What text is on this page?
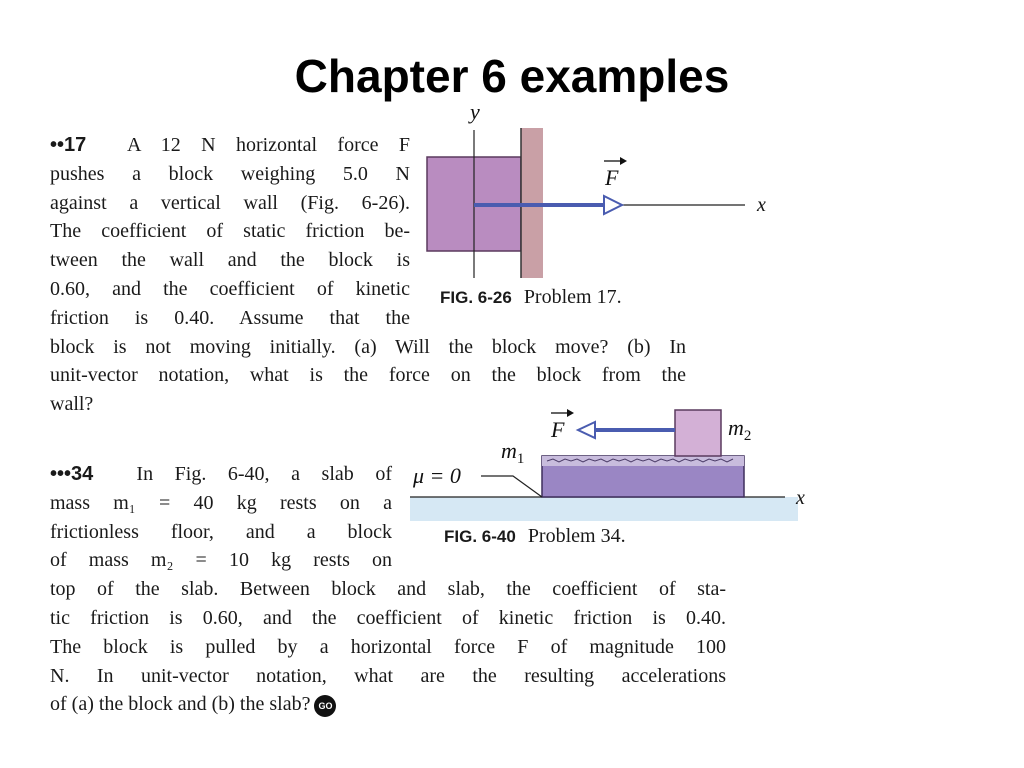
Chapter 6 examples
y
x
F
FIG. 6-26 Problem 17.
••17 A 12 N horizontal force F
pushes a block weighing 5.0 N
against a vertical wall (Fig. 6-26).
The coefficient of static friction be-
tween the wall and the block is
0.60, and the coefficient of kinetic
friction is 0.40. Assume that the
block is not moving initially. (a) Will the block move? (b) In
unit-vector notation, what is the force on the block from the
wall?
x
F	$m_2$
$m_1$
μ = 0
FIG. 6-40 Problem 34.
•••34 In Fig. 6-40, a slab of
mass m₁ = 40 kg rests on a
frictionless floor, and a block
of mass m₂ = 10 kg rests on
top of the slab. Between block and slab, the coefficient of sta-
tic friction is 0.60, and the coefficient of kinetic friction is 0.40.
The block is pulled by a horizontal force F of magnitude 100
N. In unit-vector notation, what are the resulting accelerations
of (a) the block and (b) the slab? GO
